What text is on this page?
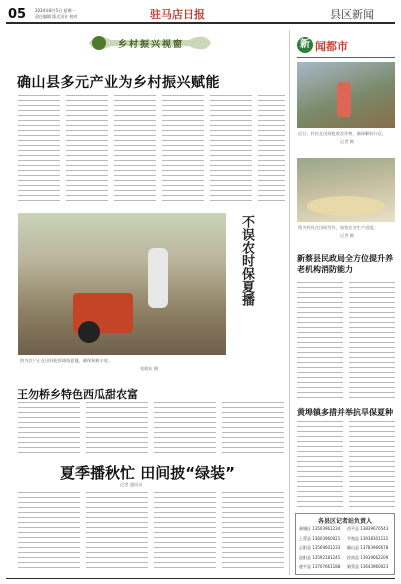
05 2024年8月5日 星期一
责任编辑 版式设计 校对	驻马店日报	县区新闻
乡村振兴视窗
确山县多元产业为乡村振兴赋能
不误农时保夏播
图为农户正在田间抢抓墒情夏播，确保秋粮丰收。
张晓东 摄
王勿桥乡特色西瓜甜农富
夏季播秋忙 田间披“绿装”
记者 通讯员
新 闻都市
近日，村民在田间抢收农作物，确保颗粒归仓。
记者 摄
图为村民在田间劳作，加快农业生产进度。
记者 摄
新蔡县民政局全方位提升养老机构消防能力
黄埠镇多措并举抗旱保夏种
各县区记者站负责人
驿城区 13503961234	西平县 13839676543
上蔡县 13603960021	平舆县 13938301122
正阳县 13569601233	确山县 13783966678
泌阳县 13592181245	汝南县 13939662209
遂平县 13707661188	新蔡县 13643960023
